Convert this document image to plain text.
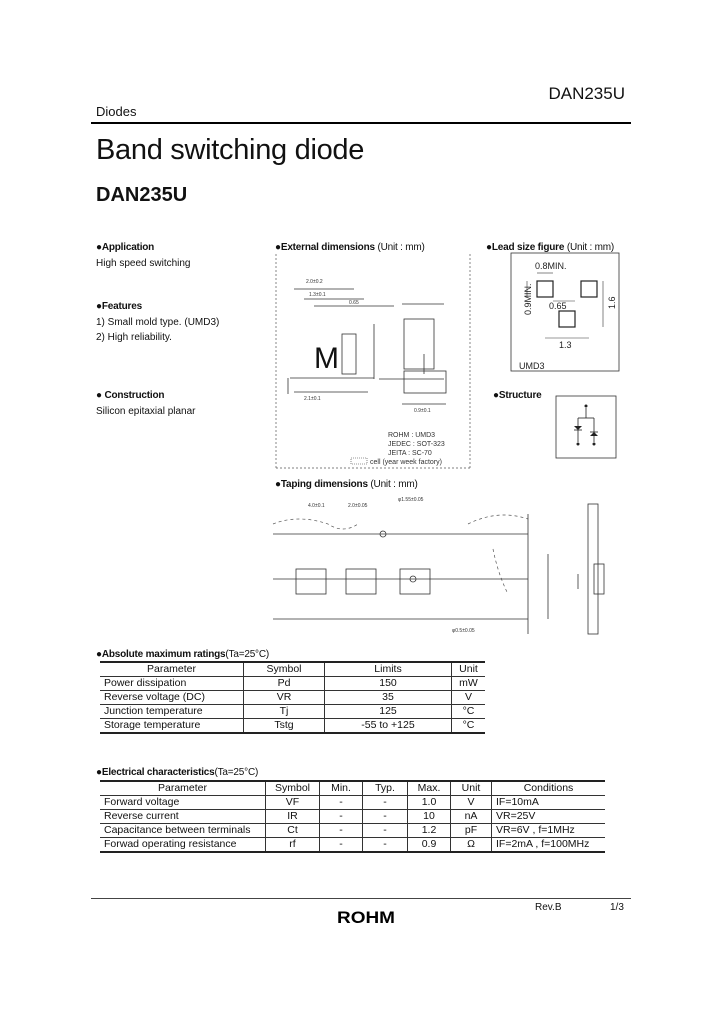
DAN235U
Diodes
Band switching diode
DAN235U
●Application
High speed switching
●Features
1) Small mold type. (UMD3)
2) High reliability.
● Construction
Silicon epitaxial planar
●External dimensions (Unit : mm)
2.0±0.2
1.3±0.1
0.65
M
2.1±0.1
0.9±0.1
ROHM : UMD3
JEDEC : SOT-323
JEITA : SC-70
cell (year week factory)
●Lead size figure (Unit : mm)
0.8MIN.
0.65
1.3
1.6
0.9MIN.
UMD3
●Structure
●Taping dimensions (Unit : mm)
4.0±0.1	2.0±0.05
φ1.55±0.05
φ0.5±0.05
●Absolute maximum ratings(Ta=25°C)
Parameter	Symbol	Limits	Unit
Power dissipation	Pd	150	mW
Reverse voltage (DC)	VR	35	V
Junction temperature	Tj	125	°C
Storage temperature	Tstg	-55 to +125	°C
●Electrical characteristics(Ta=25°C)
Parameter	Symbol	Min.	Typ.	Max.	Unit	Conditions
Forward voltage	VF	-	-	1.0	V	IF=10mA
Reverse current	IR	-	-	10	nA	VR=25V
Capacitance between terminals	Ct	-	-	1.2	pF	VR=6V , f=1MHz
Forwad operating resistance	rf	-	-	0.9	Ω	IF=2mA , f=100MHz
Rev.B	1/3
ROHM
